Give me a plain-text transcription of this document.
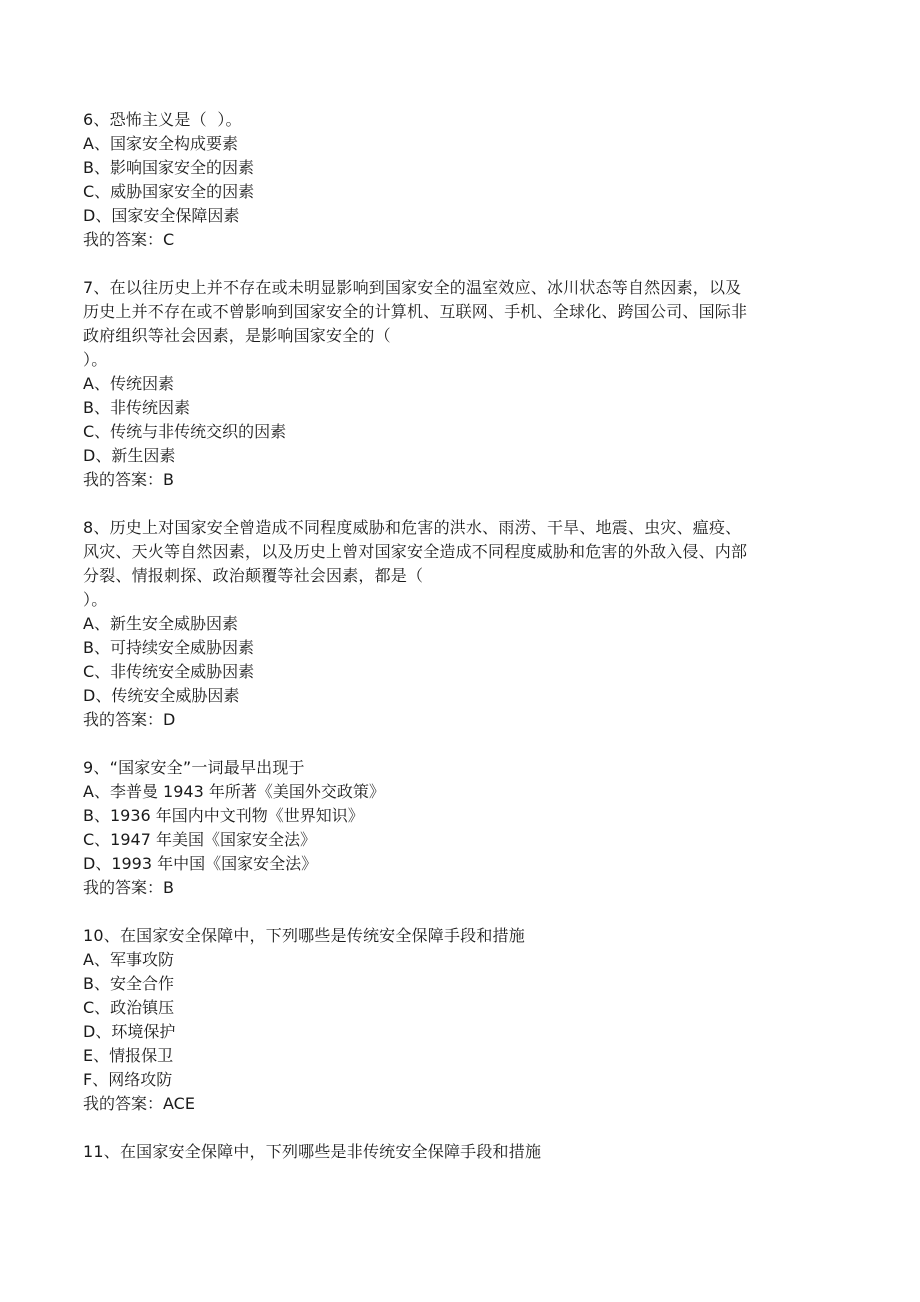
6、恐怖主义是（  ）。

A、国家安全构成要素

B、影响国家安全的因素

C、威胁国家安全的因素

D、国家安全保障因素

我的答案：C

7、在以往历史上并不存在或未明显影响到国家安全的温室效应、冰川状态等自然因素，以及

历史上并不存在或不曾影响到国家安全的计算机、互联网、手机、全球化、跨国公司、国际非

政府组织等社会因素，是影响国家安全的（

）。

A、传统因素

B、非传统因素

C、传统与非传统交织的因素

D、新生因素

我的答案：B

8、历史上对国家安全曾造成不同程度威胁和危害的洪水、雨涝、干旱、地震、虫灾、瘟疫、

风灾、天火等自然因素，以及历史上曾对国家安全造成不同程度威胁和危害的外敌入侵、内部

分裂、情报刺探、政治颠覆等社会因素，都是（

）。

A、新生安全威胁因素

B、可持续安全威胁因素

C、非传统安全威胁因素

D、传统安全威胁因素

我的答案：D

9、“国家安全”一词最早出现于

A、李普曼 1943 年所著《美国外交政策》

B、1936 年国内中文刊物《世界知识》

C、1947 年美国《国家安全法》

D、1993 年中国《国家安全法》

我的答案：B

10、在国家安全保障中，下列哪些是传统安全保障手段和措施

A、军事攻防

B、安全合作

C、政治镇压

D、环境保护

E、情报保卫

F、网络攻防

我的答案：ACE

11、在国家安全保障中，下列哪些是非传统安全保障手段和措施
